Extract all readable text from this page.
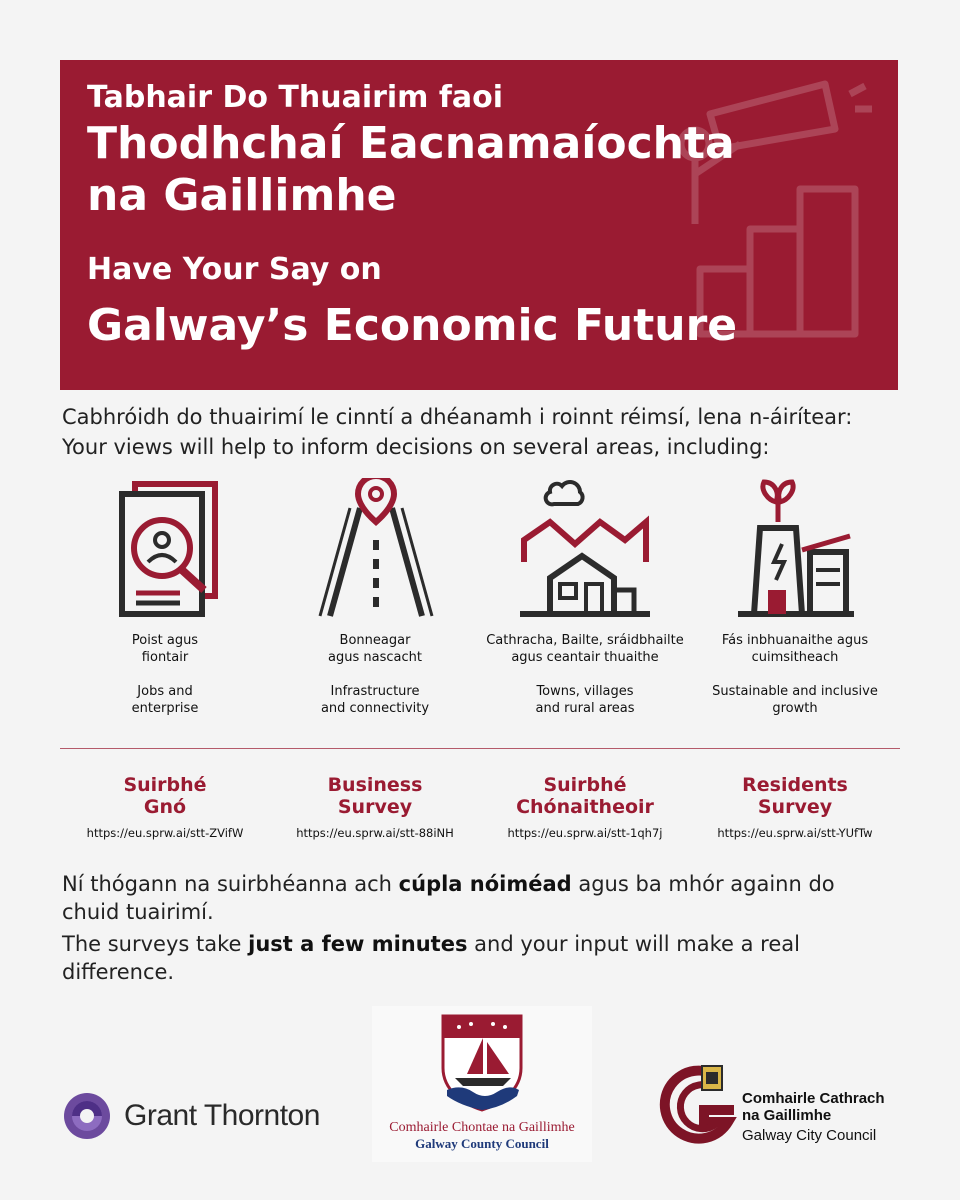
Tabhair Do Thuairim faoi
Thodhchaí Eacnamaíochta
na Gaillimhe
Have Your Say on
Galway’s Economic Future
Cabhróidh do thuairimí le cinntí a dhéanamh i roinnt réimsí, lena n-áirítear:
Your views will help to inform decisions on several areas, including:
Poist agus
fiontair
Jobs and
enterprise
Bonneagar
agus nascacht
Infrastructure
and connectivity
Cathracha, Bailte, sráidbhailte
agus ceantair thuaithe
Towns, villages
and rural areas
Fás inbhuanaithe agus
cuimsitheach
Sustainable and inclusive
growth
Suirbhé
Gnó
https://eu.sprw.ai/stt-ZVifW
Business
Survey
https://eu.sprw.ai/stt-88iNH
Suirbhé
Chónaitheoir
https://eu.sprw.ai/stt-1qh7j
Residents
Survey
https://eu.sprw.ai/stt-YUfTw
Ní thógann na suirbhéanna ach cúpla nóiméad agus ba mhór againn do chuid tuairimí.
The surveys take just a few minutes and your input will make a real difference.
Grant Thornton	Comhairle Chontae na Gaillimhe
Galway County Council
Comhairle Cathrach
na Gaillimhe
Galway City Council
